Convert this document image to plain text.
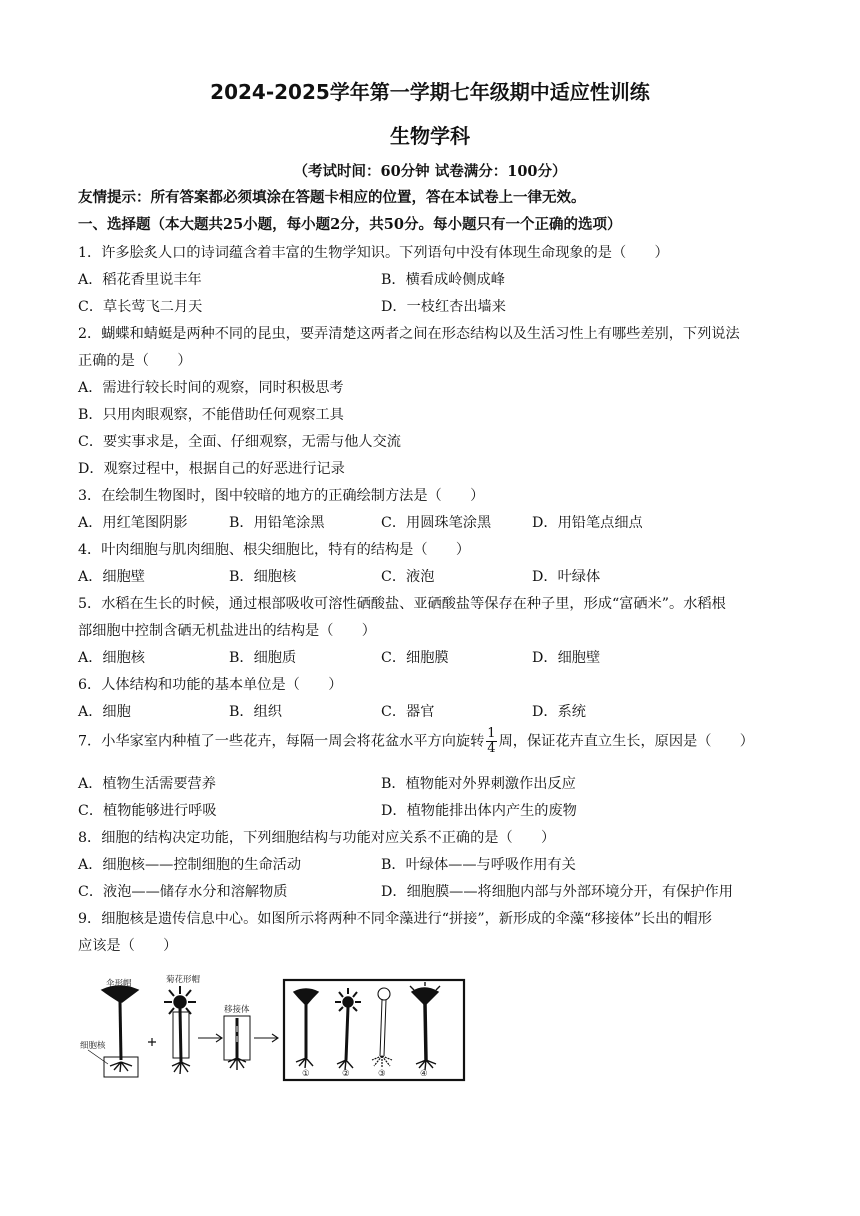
2024-2025学年第一学期七年级期中适应性训练
生物学科
（考试时间：60分钟 试卷满分：100分）
友情提示：所有答案都必须填涂在答题卡相应的位置，答在本试卷上一律无效。
一、选择题（本大题共25小题，每小题2分，共50分。每小题只有一个正确的选项）
1．许多脍炙人口的诗词蕴含着丰富的生物学知识。下列语句中没有体现生命现象的是（　　）
A．稻花香里说丰年	B．横看成岭侧成峰
C．草长莺飞二月天	D．一枝红杏出墙来
2．蝴蝶和蜻蜓是两种不同的昆虫，要弄清楚这两者之间在形态结构以及生活习性上有哪些差别，下列说法
正确的是（　　）
A．需进行较长时间的观察，同时积极思考
B．只用肉眼观察，不能借助任何观察工具
C．要实事求是，全面、仔细观察，无需与他人交流
D．观察过程中，根据自己的好恶进行记录
3．在绘制生物图时，图中较暗的地方的正确绘制方法是（　　）
A．用红笔图阴影	B．用铅笔涂黑	C．用圆珠笔涂黑	D．用铅笔点细点
4．叶肉细胞与肌肉细胞、根尖细胞比，特有的结构是（　　）
A．细胞壁	B．细胞核	C．液泡	D．叶绿体
5．水稻在生长的时候，通过根部吸收可溶性硒酸盐、亚硒酸盐等保存在种子里，形成“富硒米”。水稻根
部细胞中控制含硒无机盐进出的结构是（　　）
A．细胞核	B．细胞质	C．细胞膜	D．细胞壁
6．人体结构和功能的基本单位是（　　）
A．细胞	B．组织	C．器官	D．系统
7．小华家室内种植了一些花卉，每隔一周会将花盆水平方向旋转 $\frac{1}{4}$ 周，保证花卉直立生长，原因是（　　）
A．植物生活需要营养	B．植物能对外界刺激作出反应
C．植物能够进行呼吸	D．植物能排出体内产生的废物
8．细胞的结构决定功能，下列细胞结构与功能对应关系不正确的是（　　）
A．细胞核——控制细胞的生命活动	B．叶绿体——与呼吸作用有关
C．液泡——储存水分和溶解物质	D．细胞膜——将细胞内部与外部环境分开，有保护作用
9．细胞核是遗传信息中心。如图所示将两种不同伞藻进行“拼接”，新形成的伞藻“移接体”长出的帽形
应该是（　　）
伞形帽	菊花形帽
移接体
细胞核
①	②	③	④
